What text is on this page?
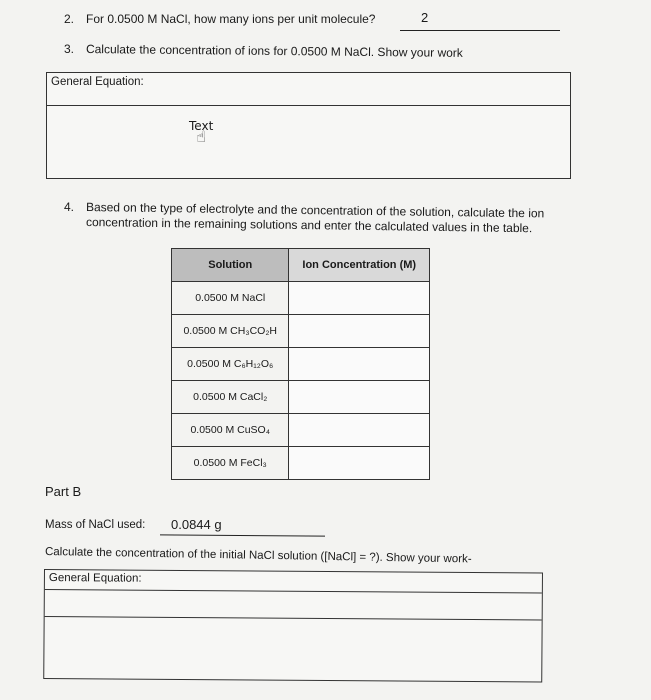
2. For 0.0500 M NaCl, how many ions per unit molecule?	2
3. Calculate the concentration of ions for 0.0500 M NaCl. Show your work
General Equation:
Text
☝
4. Based on the type of electrolyte and the concentration of the solution, calculate the ion
concentration in the remaining solutions and enter the calculated values in the table.
Solution	Ion Concentration (M)
0.0500 M NaCl	
0.0500 M CH₃CO₂H	
0.0500 M C₆H₁₂O₆	
0.0500 M CaCl₂	
0.0500 M CuSO₄	
0.0500 M FeCl₃	
Part B
Mass of NaCl used: 0.0844 g
Calculate the concentration of the initial NaCl solution ([NaCl] = ?). Show your work-
General Equation:
